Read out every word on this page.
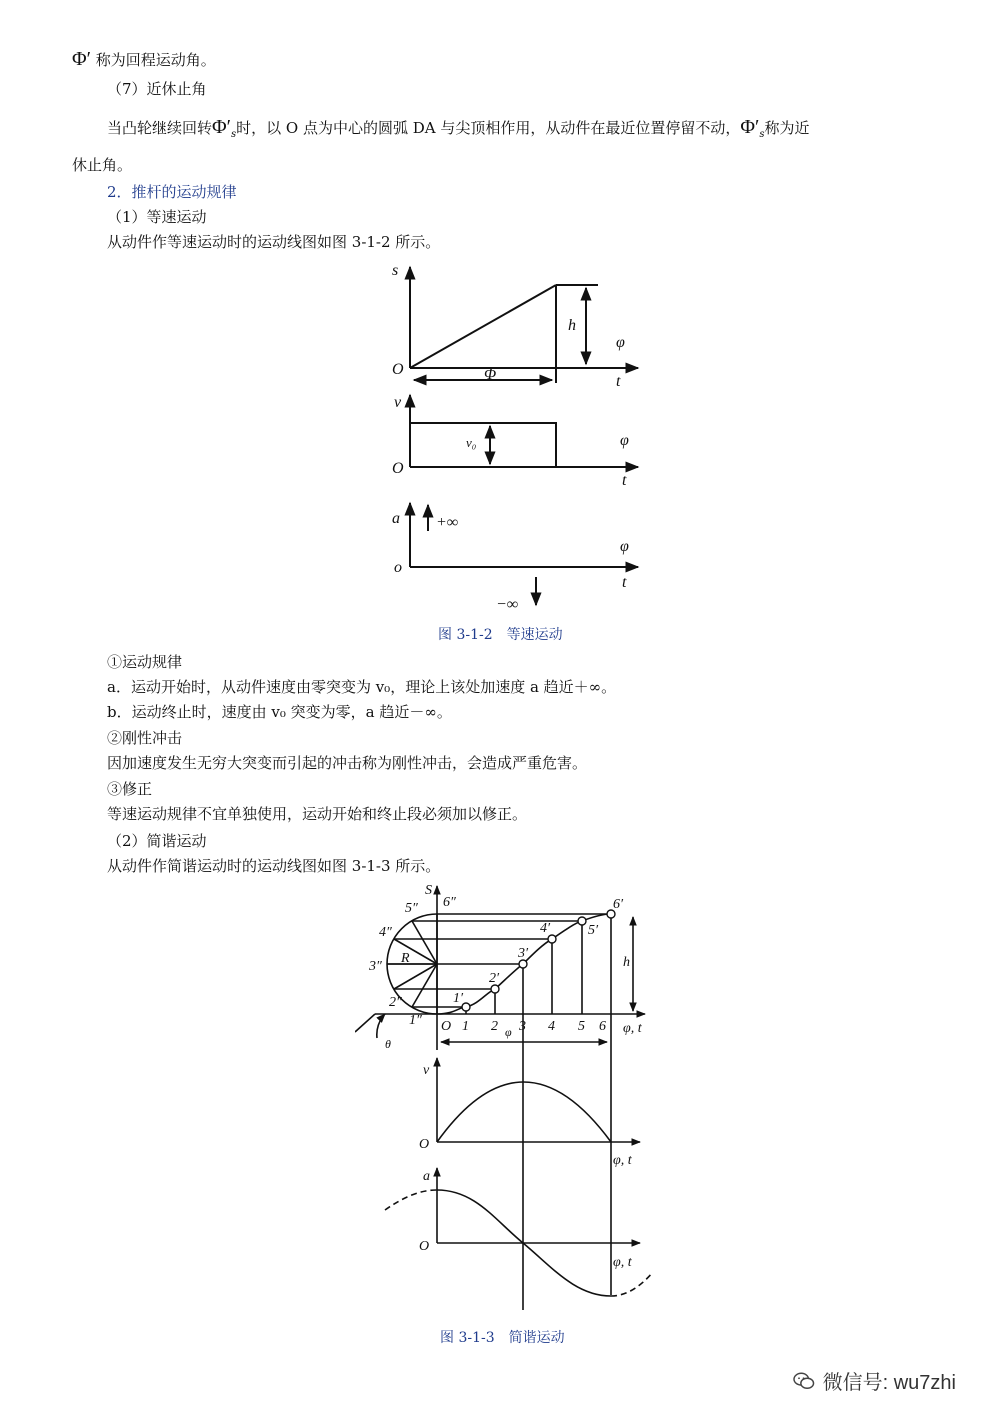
Φ′ 称为回程运动角。
（7）近休止角
当凸轮继续回转$\Phi'_s$时，以 O 点为中心的圆弧 DA 与尖顶相作用，从动件在最近位置停留不动，$\Phi'_s$称为近
休止角。
2．推杆的运动规律
（1）等速运动
从动件作等速运动时的运动线图如图 3-1-2 所示。
s
h
φ
t
O	Φ
v
v₀	φ
O
t
a +∞
φ
o
t
−∞
图 3-1-2　等速运动
①运动规律
a．运动开始时，从动件速度由零突变为 v₀，理论上该处加速度 a 趋近＋∞。
b．运动终止时，速度由 v₀ 突变为零，a 趋近－∞。
②刚性冲击
因加速度发生无穷大突变而引起的冲击称为刚性冲击，会造成严重危害。
③修正
等速运动规律不宜单独使用，运动开始和终止段必须加以修正。
（2）简谐运动
从动件作简谐运动时的运动线图如图 3-1-3 所示。
S
R	h
θ
O	φ	φ, t
1 2 3 4 5 6
1″
2″
3″
4″
5″ 6″
1′
2′
3′
4′	5′
6′
v
O
φ, t
a
O
φ, t
图 3-1-3　简谐运动
微信号: wu7zhi
